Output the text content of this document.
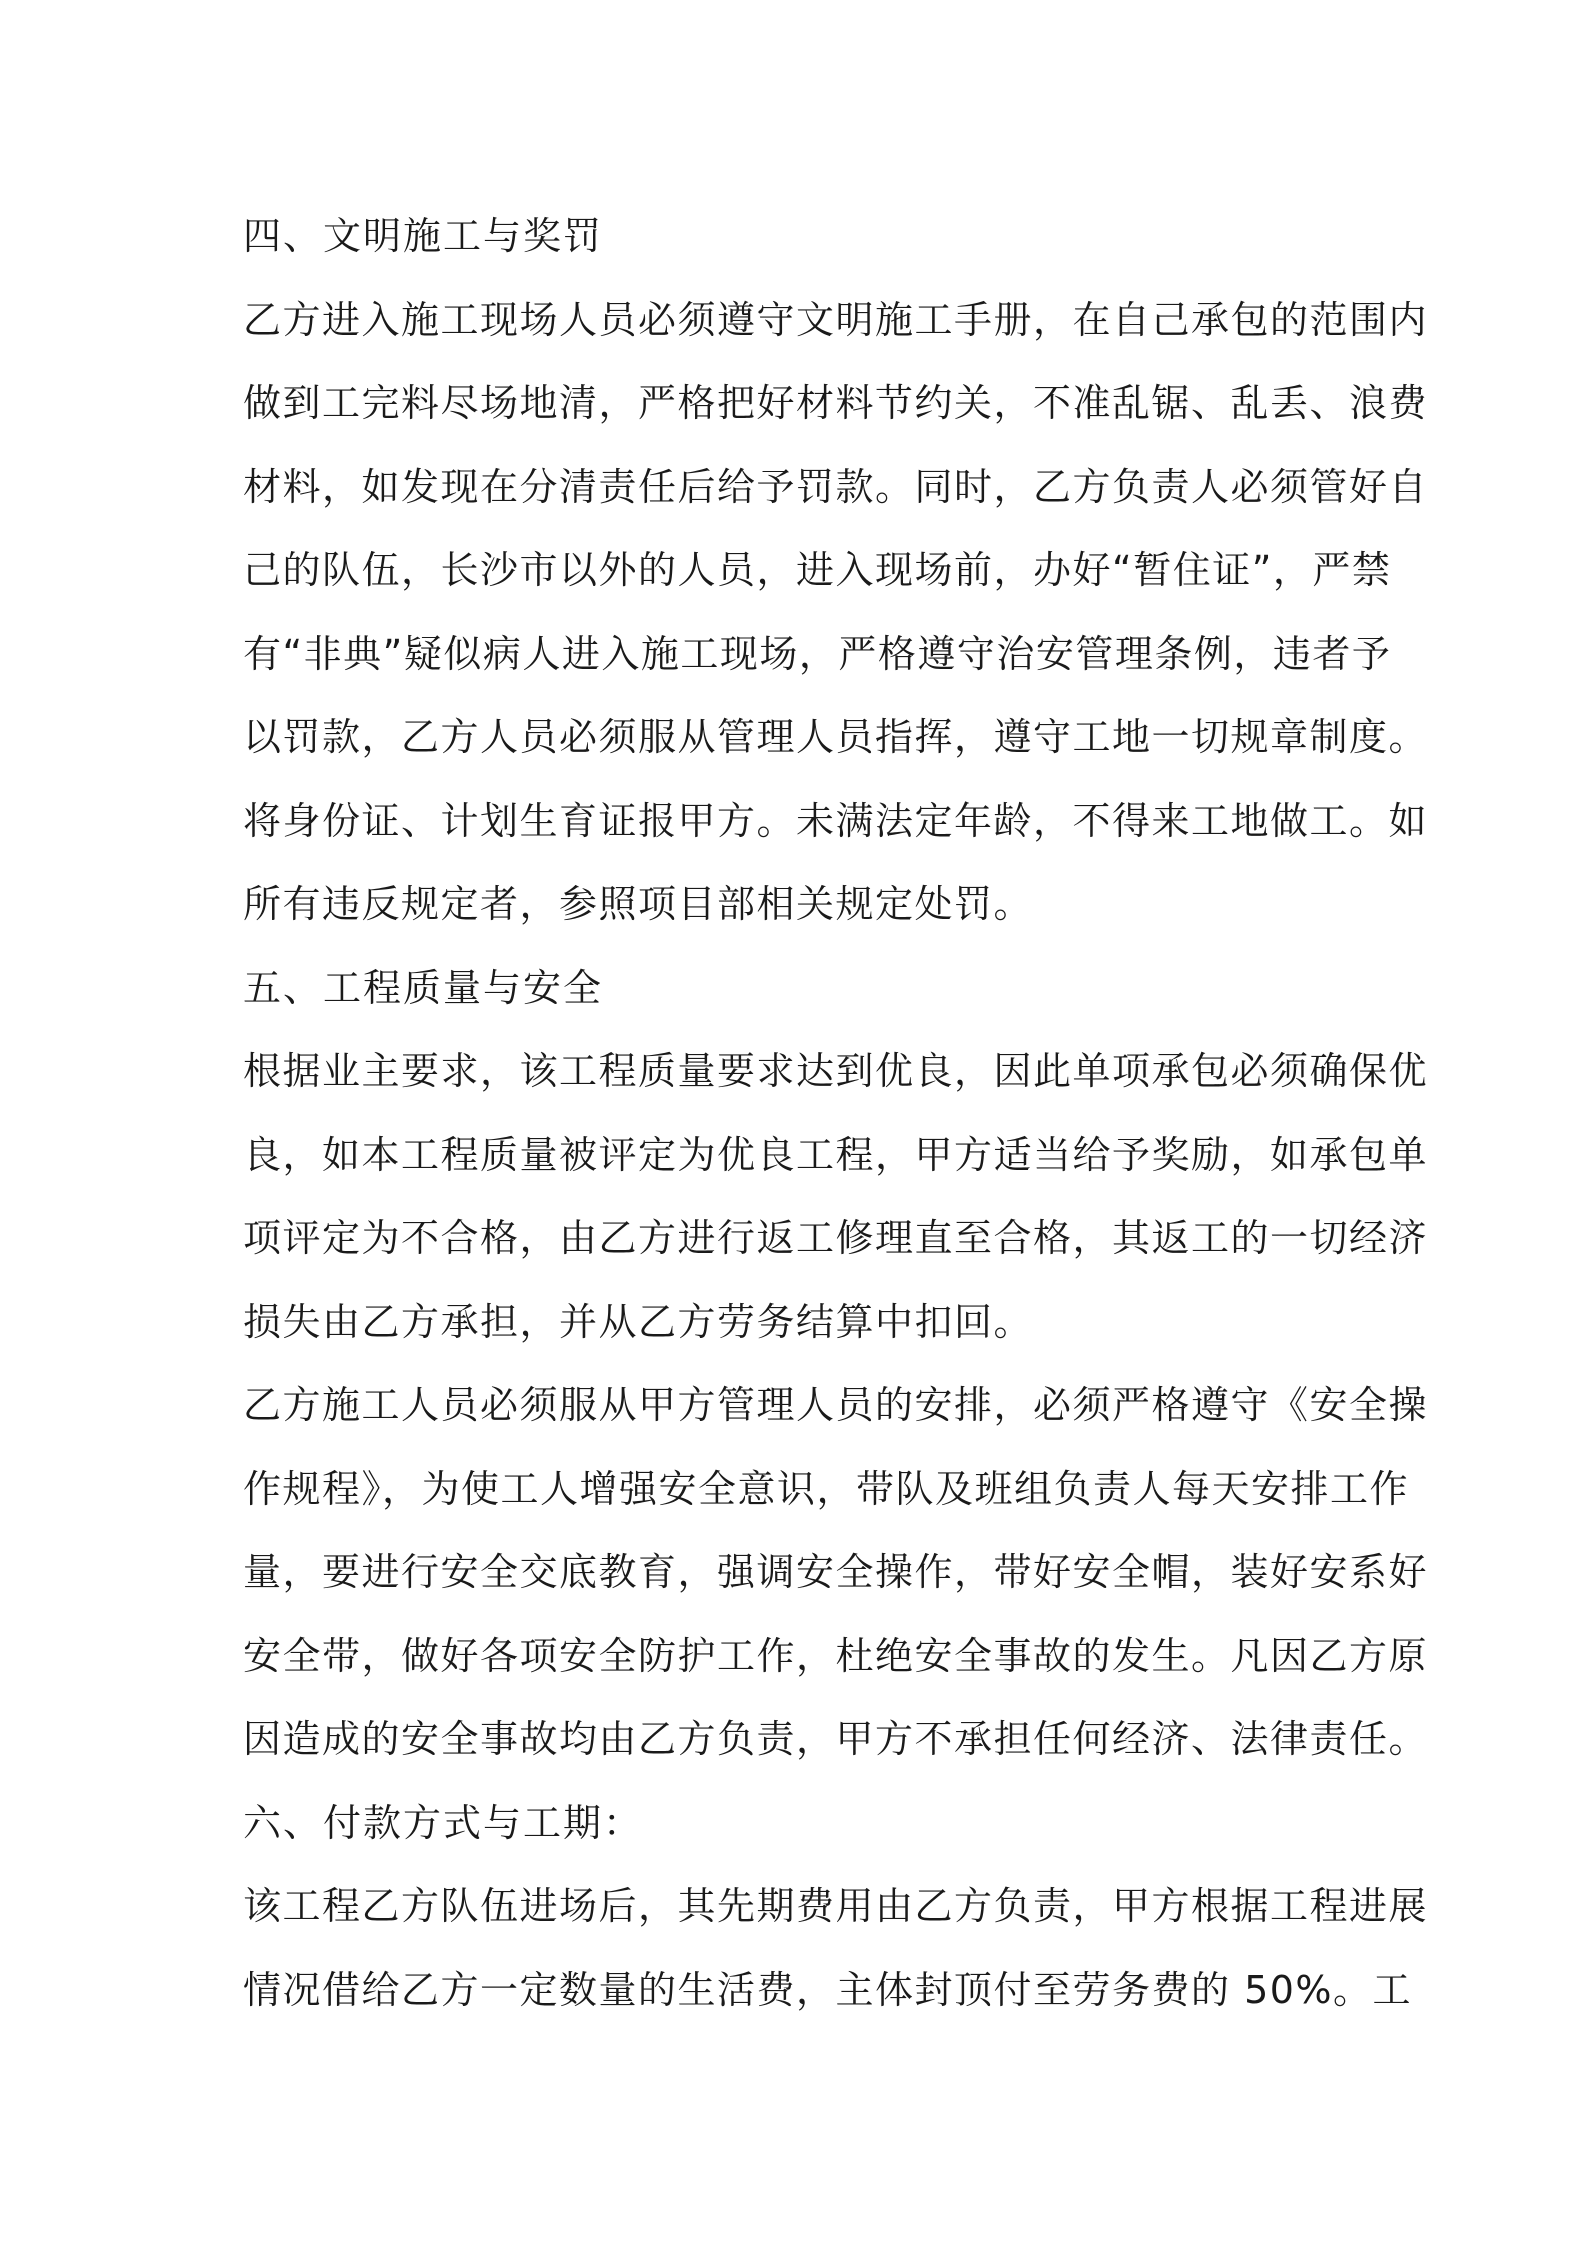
四、文明施工与奖罚
乙方进入施工现场人员必须遵守文明施工手册，在自己承包的范围内
做到工完料尽场地清，严格把好材料节约关，不准乱锯、乱丢、浪费
材料，如发现在分清责任后给予罚款。同时，乙方负责人必须管好自
己的队伍，长沙市以外的人员，进入现场前，办好“暂住证”，严禁
有“非典”疑似病人进入施工现场，严格遵守治安管理条例，违者予
以罚款，乙方人员必须服从管理人员指挥，遵守工地一切规章制度。
将身份证、计划生育证报甲方。未满法定年龄，不得来工地做工。如
所有违反规定者，参照项目部相关规定处罚。
五、工程质量与安全
根据业主要求，该工程质量要求达到优良，因此单项承包必须确保优
良，如本工程质量被评定为优良工程，甲方适当给予奖励，如承包单
项评定为不合格，由乙方进行返工修理直至合格，其返工的一切经济
损失由乙方承担，并从乙方劳务结算中扣回。
乙方施工人员必须服从甲方管理人员的安排，必须严格遵守《安全操
作规程》，为使工人增强安全意识，带队及班组负责人每天安排工作
量，要进行安全交底教育，强调安全操作，带好安全帽，装好安系好
安全带，做好各项安全防护工作，杜绝安全事故的发生。凡因乙方原
因造成的安全事故均由乙方负责，甲方不承担任何经济、法律责任。
六、付款方式与工期：
该工程乙方队伍进场后，其先期费用由乙方负责，甲方根据工程进展
情况借给乙方一定数量的生活费，主体封顶付至劳务费的 50%。工
